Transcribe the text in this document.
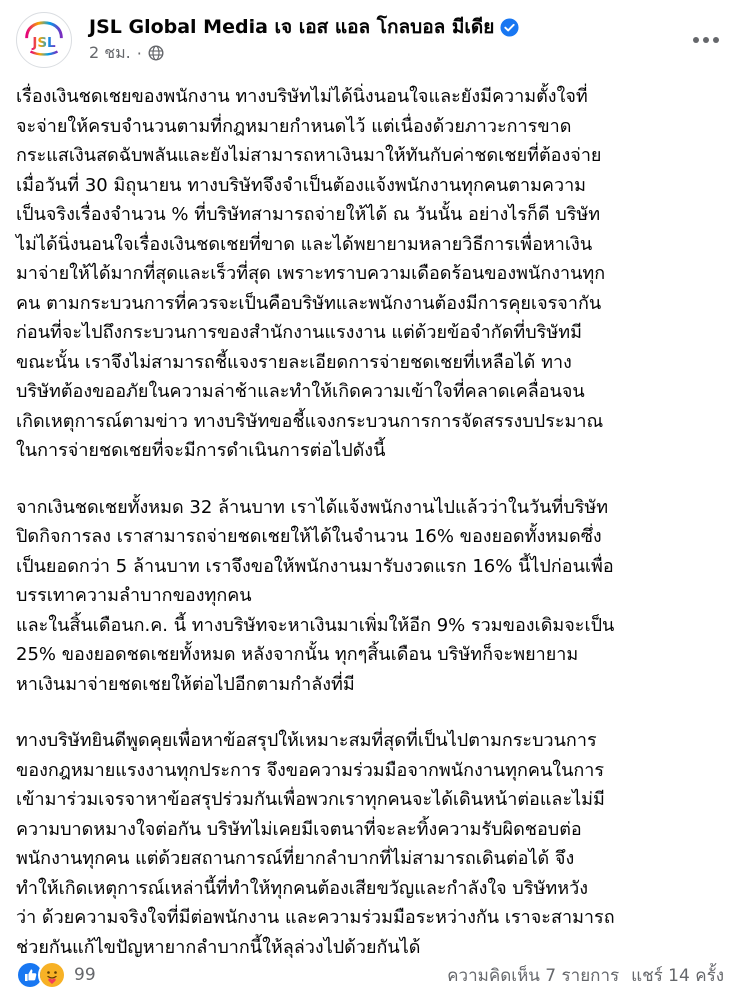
JSL
JSL Global Media เจ เอส แอล โกลบอล มีเดีย
2 ชม. ·

เรื่องเงินชดเชยของพนักงาน ทางบริษัทไม่ได้นิ่งนอนใจและยังมีความตั้งใจที่
จะจ่ายให้ครบจำนวนตามที่กฎหมายกำหนดไว้ แต่เนื่องด้วยภาวะการขาด
กระแสเงินสดฉับพลันและยังไม่สามารถหาเงินมาให้ทันกับค่าชดเชยที่ต้องจ่าย
เมื่อวันที่ 30 มิถุนายน ทางบริษัทจึงจำเป็นต้องแจ้งพนักงานทุกคนตามความ
เป็นจริงเรื่องจำนวน % ที่บริษัทสามารถจ่ายให้ได้ ณ วันนั้น อย่างไรก็ดี บริษัท
ไม่ได้นิ่งนอนใจเรื่องเงินชดเชยที่ขาด และได้พยายามหลายวิธีการเพื่อหาเงิน
มาจ่ายให้ได้มากที่สุดและเร็วที่สุด เพราะทราบความเดือดร้อนของพนักงานทุก
คน ตามกระบวนการที่ควรจะเป็นคือบริษัทและพนักงานต้องมีการคุยเจรจากัน
ก่อนที่จะไปถึงกระบวนการของสำนักงานแรงงาน แต่ด้วยข้อจำกัดที่บริษัทมี
ขณะนั้น เราจึงไม่สามารถชี้แจงรายละเอียดการจ่ายชดเชยที่เหลือได้ ทาง
บริษัทต้องขออภัยในความล่าช้าและทำให้เกิดความเข้าใจที่คลาดเคลื่อนจน
เกิดเหตุการณ์ตามข่าว ทางบริษัทขอชี้แจงกระบวนการการจัดสรรงบประมาณ
ในการจ่ายชดเชยที่จะมีการดำเนินการต่อไปดังนี้

จากเงินชดเชยทั้งหมด 32 ล้านบาท เราได้แจ้งพนักงานไปแล้วว่าในวันที่บริษัท
ปิดกิจการลง เราสามารถจ่ายชดเชยให้ได้ในจำนวน 16% ของยอดทั้งหมดซึ่ง
เป็นยอดกว่า 5 ล้านบาท เราจึงขอให้พนักงานมารับงวดแรก 16% นี้ไปก่อนเพื่อ
บรรเทาความลำบากของทุกคน
และในสิ้นเดือนก.ค. นี้ ทางบริษัทจะหาเงินมาเพิ่มให้อีก 9% รวมของเดิมจะเป็น
25% ของยอดชดเชยทั้งหมด หลังจากนั้น ทุกๆสิ้นเดือน บริษัทก็จะพยายาม
หาเงินมาจ่ายชดเชยให้ต่อไปอีกตามกำลังที่มี

ทางบริษัทยินดีพูดคุยเพื่อหาข้อสรุปให้เหมาะสมที่สุดที่เป็นไปตามกระบวนการ
ของกฎหมายแรงงานทุกประการ จึงขอความร่วมมือจากพนักงานทุกคนในการ
เข้ามาร่วมเจรจาหาข้อสรุปร่วมกันเพื่อพวกเราทุกคนจะได้เดินหน้าต่อและไม่มี
ความบาดหมางใจต่อกัน บริษัทไม่เคยมีเจตนาที่จะละทิ้งความรับผิดชอบต่อ
พนักงานทุกคน แต่ด้วยสถานการณ์ที่ยากลำบากที่ไม่สามารถเดินต่อได้ จึง
ทำให้เกิดเหตุการณ์เหล่านี้ที่ทำให้ทุกคนต้องเสียขวัญและกำลังใจ บริษัทหวัง
ว่า ด้วยความจริงใจที่มีต่อพนักงาน และความร่วมมือระหว่างกัน เราจะสามารถ
ช่วยกันแก้ไขปัญหายากลำบากนี้ให้ลุล่วงไปด้วยกันได้

99	ความคิดเห็น 7 รายการ แชร์ 14 ครั้ง
